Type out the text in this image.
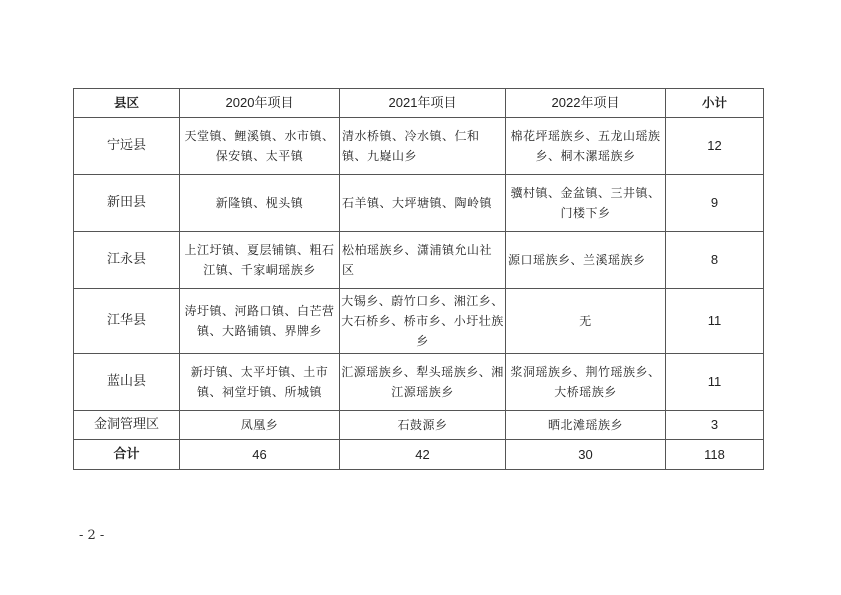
县区	2020年项目	2021年项目	2022年项目	小计
宁远县	天堂镇、鲤溪镇、水市镇、保安镇、太平镇	清水桥镇、冷水镇、仁和镇、九嶷山乡	棉花坪瑶族乡、五龙山瑶族乡、桐木漯瑶族乡	12
新田县	新隆镇、枧头镇	石羊镇、大坪塘镇、陶岭镇	骥村镇、金盆镇、三井镇、门楼下乡	9
江永县	上江圩镇、夏层铺镇、粗石江镇、千家峒瑶族乡	松柏瑶族乡、潇浦镇允山社区	源口瑶族乡、兰溪瑶族乡	8
江华县	涛圩镇、河路口镇、白芒营镇、大路铺镇、界牌乡	大锡乡、蔚竹口乡、湘江乡、大石桥乡、桥市乡、小圩壮族乡	无	11
蓝山县	新圩镇、太平圩镇、土市镇、祠堂圩镇、所城镇	汇源瑶族乡、犁头瑶族乡、湘江源瑶族乡	浆洞瑶族乡、荆竹瑶族乡、大桥瑶族乡	11
金洞管理区	凤凰乡	石鼓源乡	晒北滩瑶族乡	3
合计	46	42	30	118
- 2 -
